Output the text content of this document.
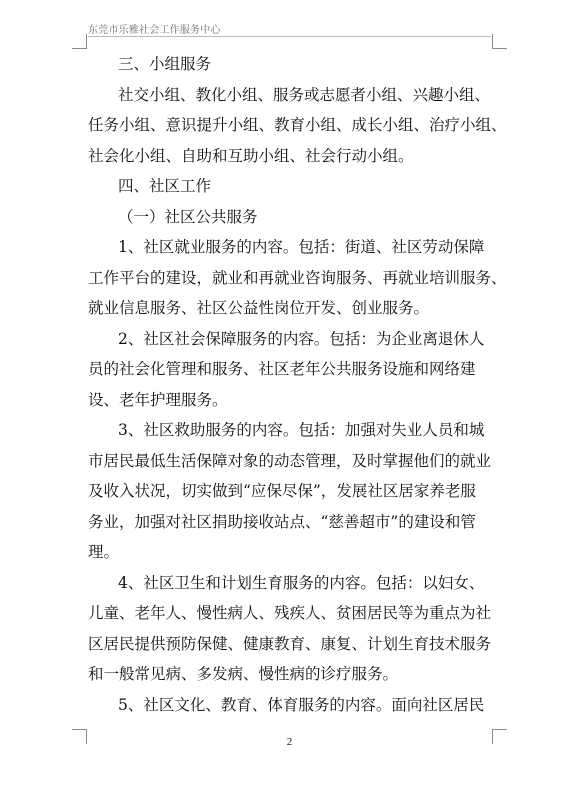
东莞市乐雅社会工作服务中心
三、小组服务
社交小组、教化小组、服务或志愿者小组、兴趣小组、
任务小组、意识提升小组、教育小组、成长小组、治疗小组、
社会化小组、自助和互助小组、社会行动小组。
四、社区工作
（一）社区公共服务
1、社区就业服务的内容。包括：街道、社区劳动保障
工作平台的建设，就业和再就业咨询服务、再就业培训服务、
就业信息服务、社区公益性岗位开发、创业服务。
2、社区社会保障服务的内容。包括：为企业离退休人
员的社会化管理和服务、社区老年公共服务设施和网络建
设、老年护理服务。
3、社区救助服务的内容。包括：加强对失业人员和城
市居民最低生活保障对象的动态管理，及时掌握他们的就业
及收入状况，切实做到“应保尽保”，发展社区居家养老服
务业，加强对社区捐助接收站点、“慈善超市”的建设和管
理。
4、社区卫生和计划生育服务的内容。包括：以妇女、
儿童、老年人、慢性病人、残疾人、贫困居民等为重点为社
区居民提供预防保健、健康教育、康复、计划生育技术服务
和一般常见病、多发病、慢性病的诊疗服务。
5、社区文化、教育、体育服务的内容。面向社区居民
2
